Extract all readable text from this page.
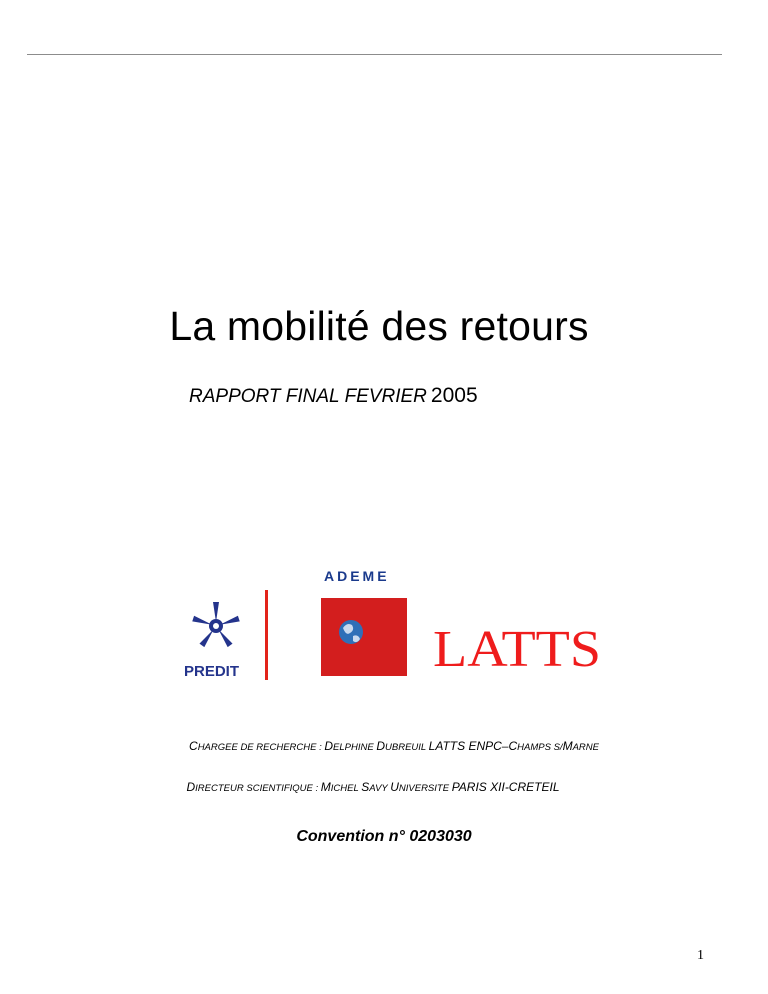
La mobilité des retours
RAPPORT FINAL FEVRIER 2005
PREDIT
ADEME
LATTS
CHARGEE DE RECHERCHE : DELPHINE DUBREUIL LATTS ENPC–CHAMPS S/MARNE
DIRECTEUR SCIENTIFIQUE : MICHEL SAVY UNIVERSITE PARIS XII-CRETEIL
Convention n° 0203030
1
